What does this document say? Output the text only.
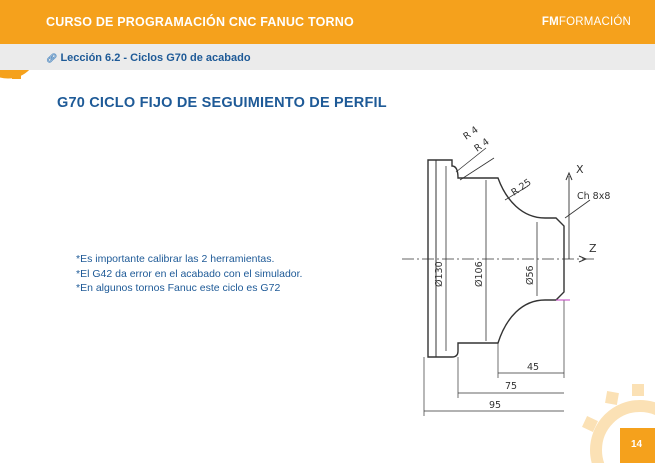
CURSO DE PROGRAMACIÓN CNC FANUC TORNO	FMFORMACIÓN
🔗︎ Lección 6.2 - Ciclos G70 de acabado
G70 CICLO FIJO DE SEGUIMIENTO DE PERFIL
*Es importante calibrar las 2 herramientas.
*El G42 da error en el acabado con el simulador.
*En algunos tornos Fanuc este ciclo es G72
R 4
R 4
R 25	Ch 8x8
X
Z
Ø130	Ø106	Ø56
45
75
95
14
